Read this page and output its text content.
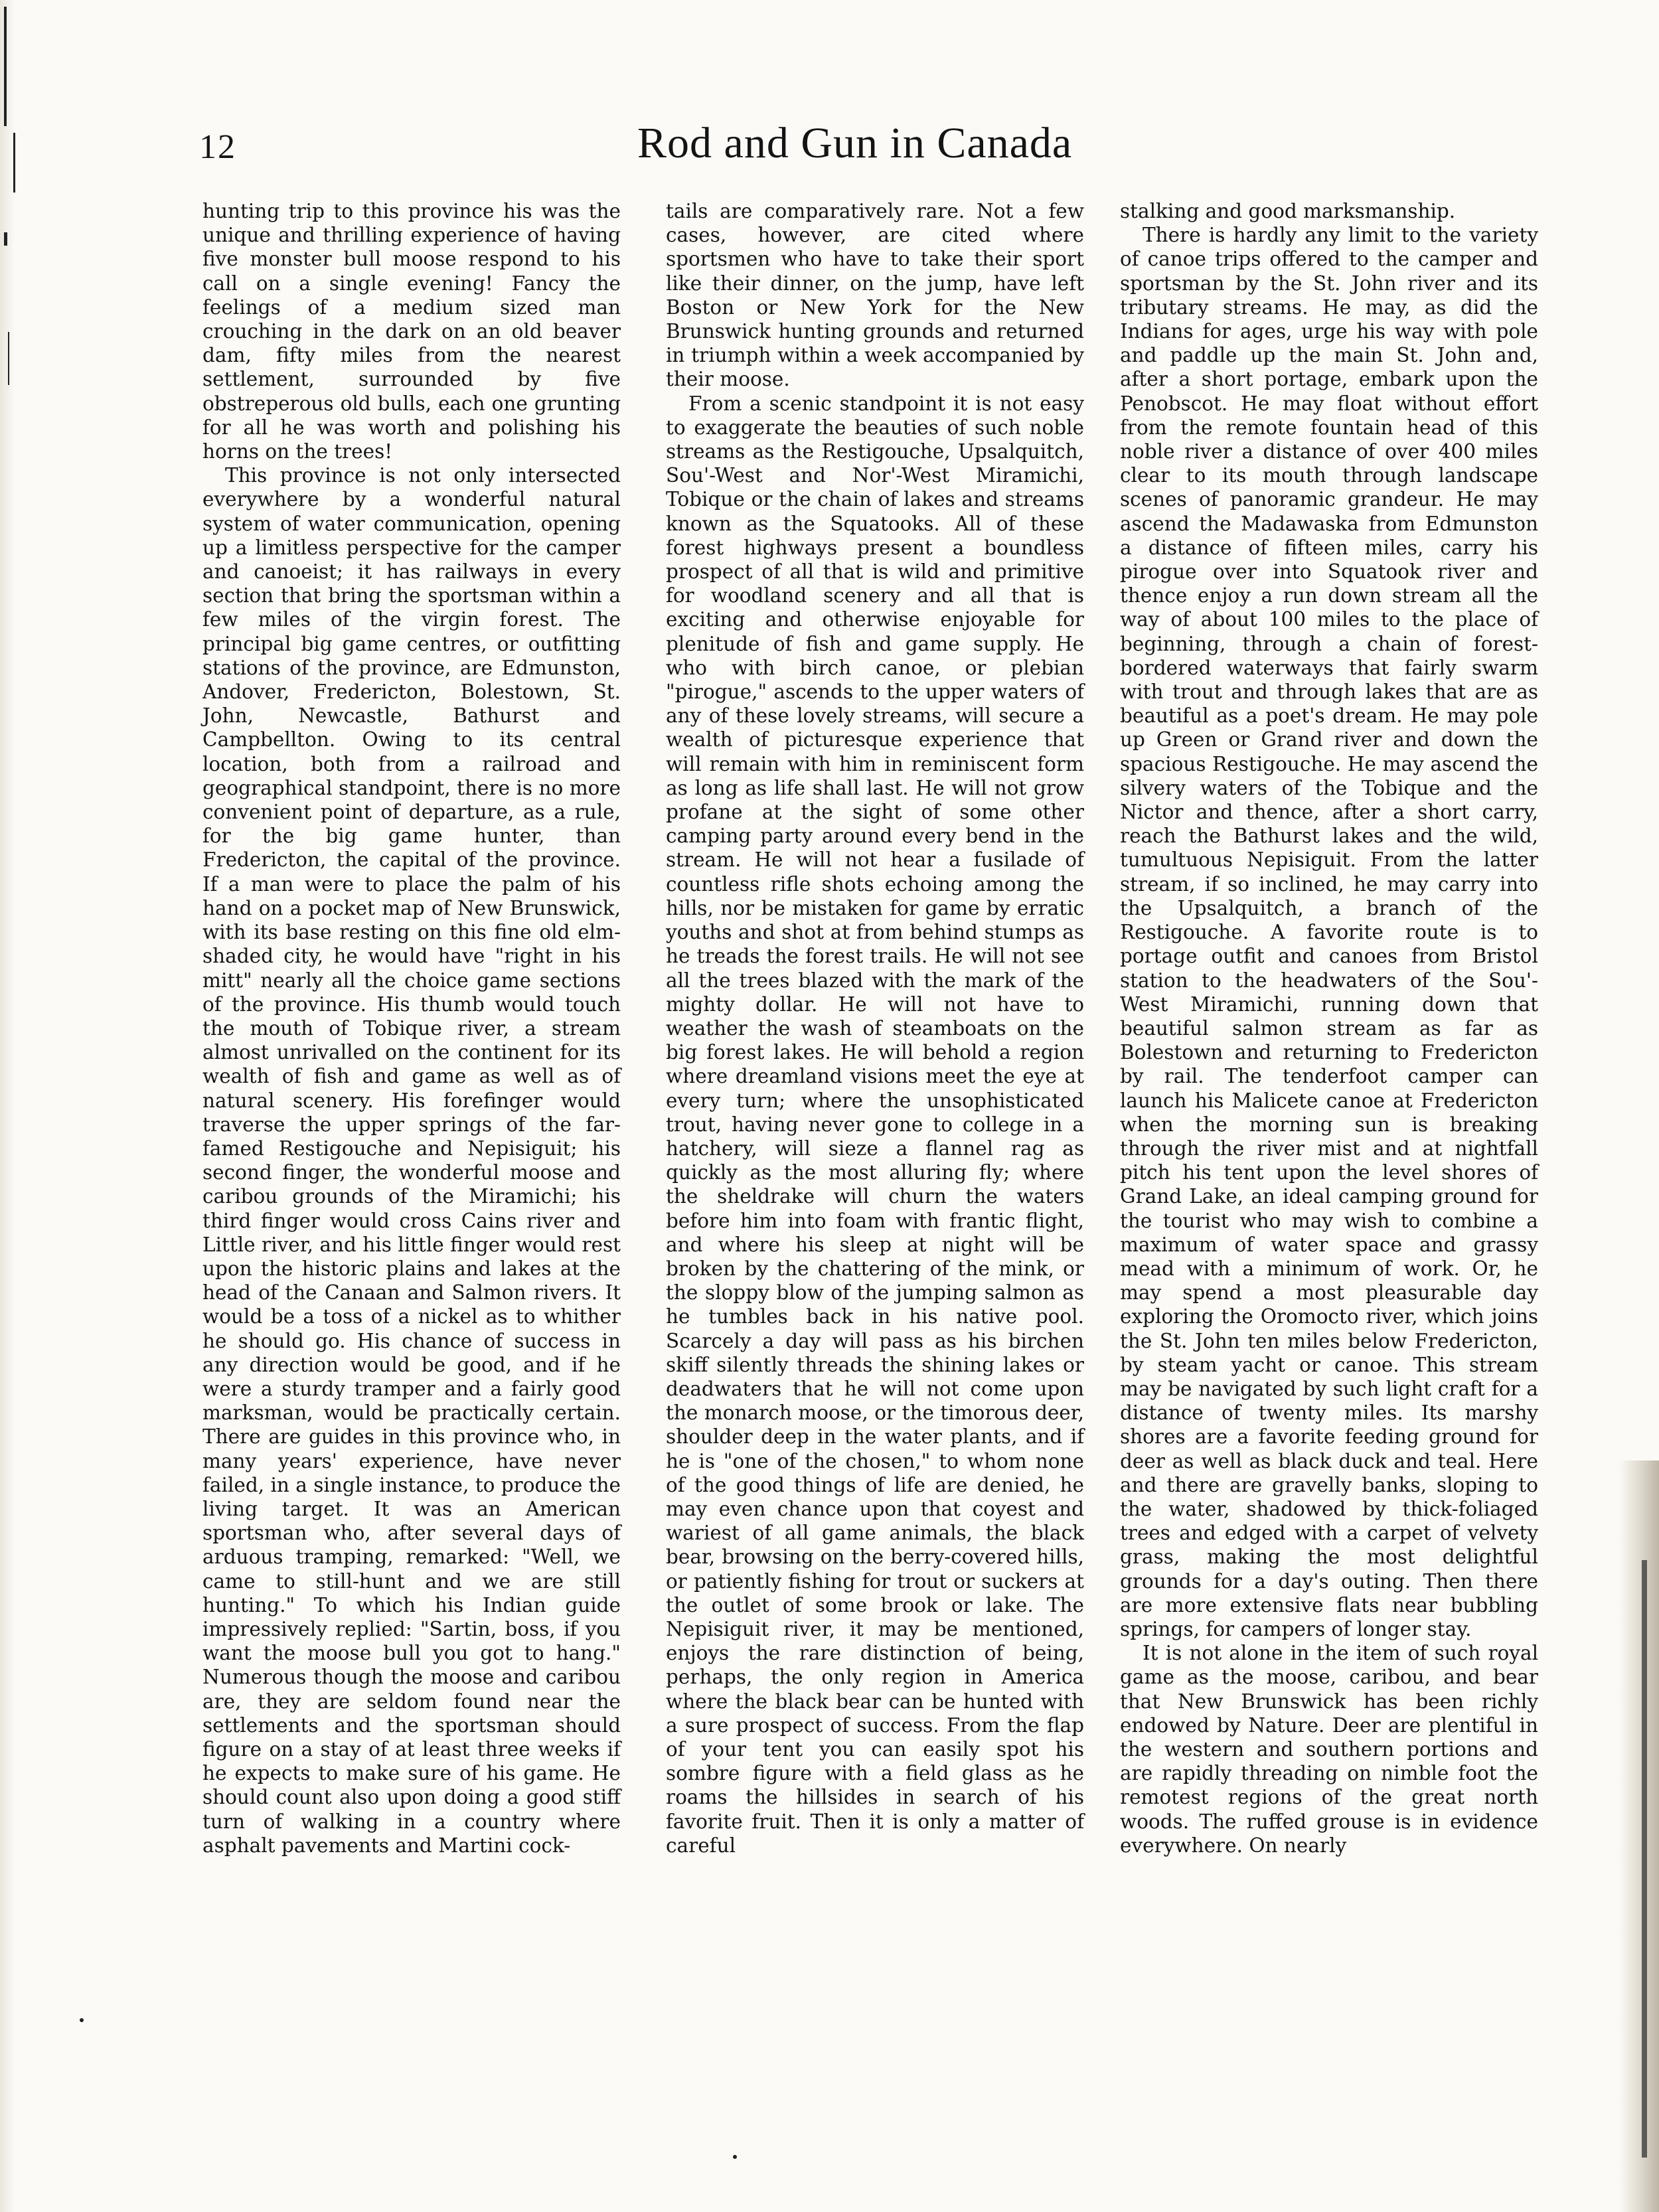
12	Rod and Gun in Canada

hunting trip to this province his was the unique and thrilling experience of having five monster bull moose respond to his call on a single evening! Fancy the feelings of a medium sized man crouching in the dark on an old beaver dam, fifty miles from the nearest settlement, surrounded by five obstreperous old bulls, each one grunting for all he was worth and polishing his horns on the trees!

This province is not only intersected everywhere by a wonderful natural system of water communication, opening up a limitless perspective for the camper and canoeist; it has railways in every section that bring the sportsman within a few miles of the virgin forest. The principal big game centres, or outfitting stations of the province, are Edmunston, Andover, Fredericton, Bolestown, St. John, Newcastle, Bathurst and Campbellton. Owing to its central location, both from a railroad and geographical standpoint, there is no more convenient point of departure, as a rule, for the big game hunter, than Fredericton, the capital of the province. If a man were to place the palm of his hand on a pocket map of New Brunswick, with its base resting on this fine old elm-shaded city, he would have "right in his mitt" nearly all the choice game sections of the province. His thumb would touch the mouth of Tobique river, a stream almost unrivalled on the continent for its wealth of fish and game as well as of natural scenery. His forefinger would traverse the upper springs of the far-famed Restigouche and Nepisiguit; his second finger, the wonderful moose and caribou grounds of the Miramichi; his third finger would cross Cains river and Little river, and his little finger would rest upon the historic plains and lakes at the head of the Canaan and Salmon rivers. It would be a toss of a nickel as to whither he should go. His chance of success in any direction would be good, and if he were a sturdy tramper and a fairly good marksman, would be practically certain. There are guides in this province who, in many years' experience, have never failed, in a single instance, to produce the living target. It was an American sportsman who, after several days of arduous tramping, remarked: "Well, we came to still-hunt and we are still hunting." To which his Indian guide impressively replied: "Sartin, boss, if you want the moose bull you got to hang." Numerous though the moose and caribou are, they are seldom found near the settlements and the sportsman should figure on a stay of at least three weeks if he expects to make sure of his game. He should count also upon doing a good stiff turn of walking in a country where asphalt pavements and Martini cock-

tails are comparatively rare. Not a few cases, however, are cited where sportsmen who have to take their sport like their dinner, on the jump, have left Boston or New York for the New Brunswick hunting grounds and returned in triumph within a week accompanied by their moose.

From a scenic standpoint it is not easy to exaggerate the beauties of such noble streams as the Restigouche, Upsalquitch, Sou'-West and Nor'-West Miramichi, Tobique or the chain of lakes and streams known as the Squatooks. All of these forest highways present a boundless prospect of all that is wild and primitive for woodland scenery and all that is exciting and otherwise enjoyable for plenitude of fish and game supply. He who with birch canoe, or plebian "pirogue," ascends to the upper waters of any of these lovely streams, will secure a wealth of picturesque experience that will remain with him in reminiscent form as long as life shall last. He will not grow profane at the sight of some other camping party around every bend in the stream. He will not hear a fusilade of countless rifle shots echoing among the hills, nor be mistaken for game by erratic youths and shot at from behind stumps as he treads the forest trails. He will not see all the trees blazed with the mark of the mighty dollar. He will not have to weather the wash of steamboats on the big forest lakes. He will behold a region where dreamland visions meet the eye at every turn; where the unsophisticated trout, having never gone to college in a hatchery, will sieze a flannel rag as quickly as the most alluring fly; where the sheldrake will churn the waters before him into foam with frantic flight, and where his sleep at night will be broken by the chattering of the mink, or the sloppy blow of the jumping salmon as he tumbles back in his native pool. Scarcely a day will pass as his birchen skiff silently threads the shining lakes or deadwaters that he will not come upon the monarch moose, or the timorous deer, shoulder deep in the water plants, and if he is "one of the chosen," to whom none of the good things of life are denied, he may even chance upon that coyest and wariest of all game animals, the black bear, browsing on the berry-covered hills, or patiently fishing for trout or suckers at the outlet of some brook or lake. The Nepisiguit river, it may be mentioned, enjoys the rare distinction of being, perhaps, the only region in America where the black bear can be hunted with a sure prospect of success. From the flap of your tent you can easily spot his sombre figure with a field glass as he roams the hillsides in search of his favorite fruit. Then it is only a matter of careful

stalking and good marksmanship.

There is hardly any limit to the variety of canoe trips offered to the camper and sportsman by the St. John river and its tributary streams. He may, as did the Indians for ages, urge his way with pole and paddle up the main St. John and, after a short portage, embark upon the Penobscot. He may float without effort from the remote fountain head of this noble river a distance of over 400 miles clear to its mouth through landscape scenes of panoramic grandeur. He may ascend the Madawaska from Edmunston a distance of fifteen miles, carry his pirogue over into Squatook river and thence enjoy a run down stream all the way of about 100 miles to the place of beginning, through a chain of forest-bordered waterways that fairly swarm with trout and through lakes that are as beautiful as a poet's dream. He may pole up Green or Grand river and down the spacious Restigouche. He may ascend the silvery waters of the Tobique and the Nictor and thence, after a short carry, reach the Bathurst lakes and the wild, tumultuous Nepisiguit. From the latter stream, if so inclined, he may carry into the Upsalquitch, a branch of the Restigouche. A favorite route is to portage outfit and canoes from Bristol station to the headwaters of the Sou'-West Miramichi, running down that beautiful salmon stream as far as Bolestown and returning to Fredericton by rail. The tenderfoot camper can launch his Malicete canoe at Fredericton when the morning sun is breaking through the river mist and at nightfall pitch his tent upon the level shores of Grand Lake, an ideal camping ground for the tourist who may wish to combine a maximum of water space and grassy mead with a minimum of work. Or, he may spend a most pleasurable day exploring the Oromocto river, which joins the St. John ten miles below Fredericton, by steam yacht or canoe. This stream may be navigated by such light craft for a distance of twenty miles. Its marshy shores are a favorite feeding ground for deer as well as black duck and teal. Here and there are gravelly banks, sloping to the water, shadowed by thick-foliaged trees and edged with a carpet of velvety grass, making the most delightful grounds for a day's outing. Then there are more extensive flats near bubbling springs, for campers of longer stay.

It is not alone in the item of such royal game as the moose, caribou, and bear that New Brunswick has been richly endowed by Nature. Deer are plentiful in the western and southern portions and are rapidly threading on nimble foot the remotest regions of the great north woods. The ruffed grouse is in evidence everywhere. On nearly
